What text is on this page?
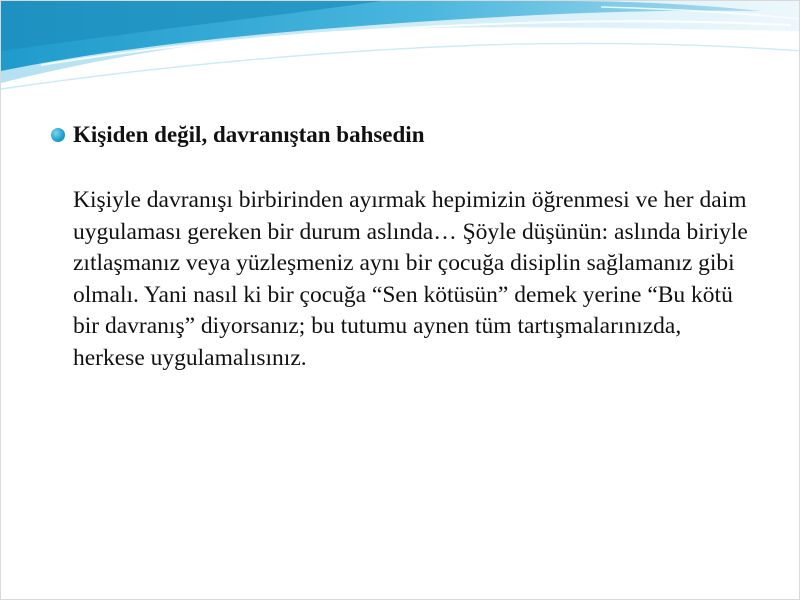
Kişiden değil, davranıştan bahsedin

Kişiyle davranışı birbirinden ayırmak hepimizin öğrenmesi ve her daim uygulaması gereken bir durum aslında… Şöyle düşünün: aslında biriyle zıtlaşmanız veya yüzleşmeniz aynı bir çocuğa disiplin sağlamanız gibi olmalı. Yani nasıl ki bir çocuğa “Sen kötüsün” demek yerine “Bu kötü bir davranış” diyorsanız; bu tutumu aynen tüm tartışmalarınızda, herkese uygulamalısınız.
